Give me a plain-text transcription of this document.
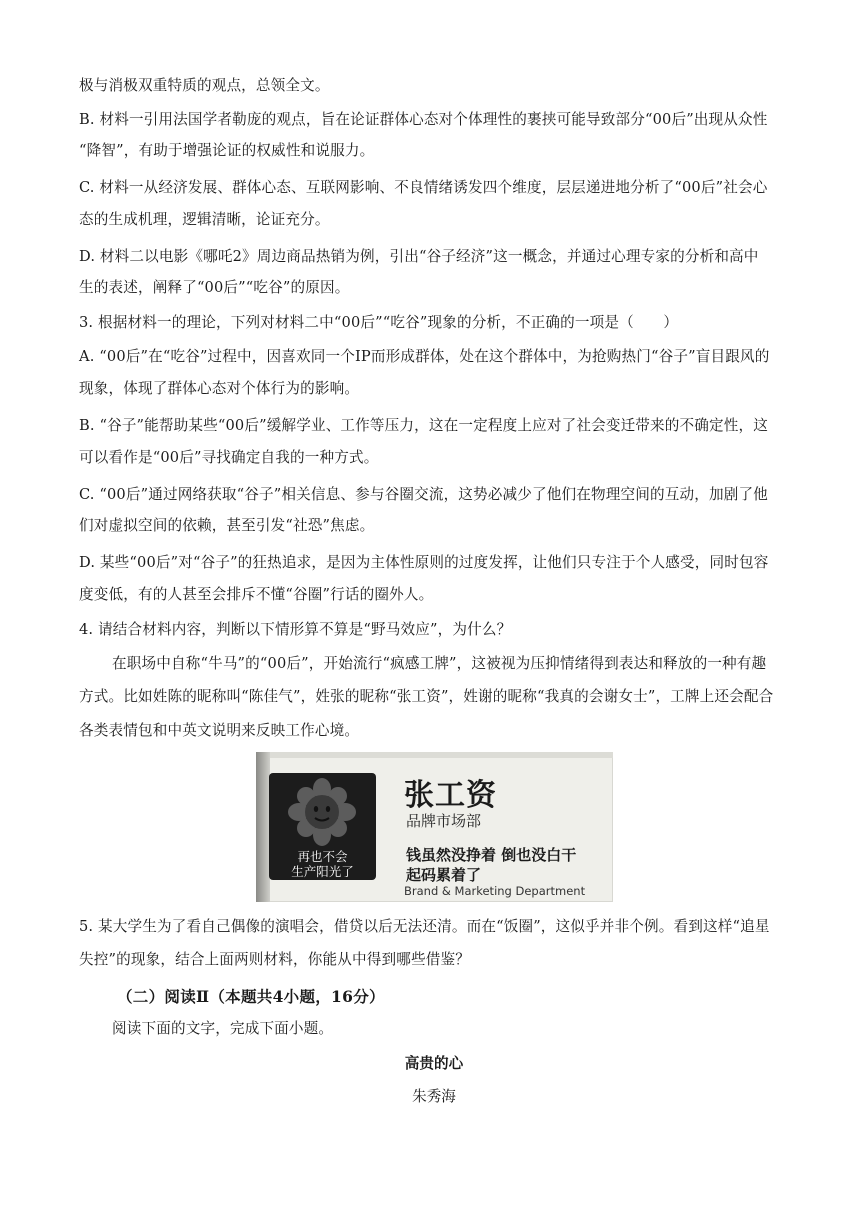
极与消极双重特质的观点，总领全文。
B. 材料一引用法国学者勒庞的观点，旨在论证群体心态对个体理性的裹挟可能导致部分“00后”出现从众性
“降智”，有助于增强论证的权威性和说服力。
C. 材料一从经济发展、群体心态、互联网影响、不良情绪诱发四个维度，层层递进地分析了“00后”社会心
态的生成机理，逻辑清晰，论证充分。
D. 材料二以电影《哪吒2》周边商品热销为例，引出“谷子经济”这一概念，并通过心理专家的分析和高中
生的表述，阐释了“00后”“吃谷”的原因。
3. 根据材料一的理论，下列对材料二中“00后”“吃谷”现象的分析，不正确的一项是（　　）
A. “00后”在“吃谷”过程中，因喜欢同一个IP而形成群体，处在这个群体中，为抢购热门“谷子”盲目跟风的
现象，体现了群体心态对个体行为的影响。
B. “谷子”能帮助某些“00后”缓解学业、工作等压力，这在一定程度上应对了社会变迁带来的不确定性，这
可以看作是“00后”寻找确定自我的一种方式。
C. “00后”通过网络获取“谷子”相关信息、参与谷圈交流，这势必减少了他们在物理空间的互动，加剧了他
们对虚拟空间的依赖，甚至引发“社恐”焦虑。
D. 某些“00后”对“谷子”的狂热追求，是因为主体性原则的过度发挥，让他们只专注于个人感受，同时包容
度变低，有的人甚至会排斥不懂“谷圈”行话的圈外人。
4. 请结合材料内容，判断以下情形算不算是“野马效应”，为什么？
在职场中自称“牛马”的“00后”，开始流行“疯感工牌”，这被视为压抑情绪得到表达和释放的一种有趣
方式。比如姓陈的昵称叫“陈佳气”，姓张的昵称“张工资”，姓谢的昵称“我真的会谢女士”，工牌上还会配合
各类表情包和中英文说明来反映工作心境。
再也不会
生产阳光了
张工资
品牌市场部
钱虽然没挣着 倒也没白干
起码累着了
Brand & Marketing Department
5. 某大学生为了看自己偶像的演唱会，借贷以后无法还清。而在“饭圈”，这似乎并非个例。看到这样“追星
失控”的现象，结合上面两则材料，你能从中得到哪些借鉴？
（二）阅读Ⅱ（本题共4小题，16分）
阅读下面的文字，完成下面小题。
高贵的心
朱秀海
